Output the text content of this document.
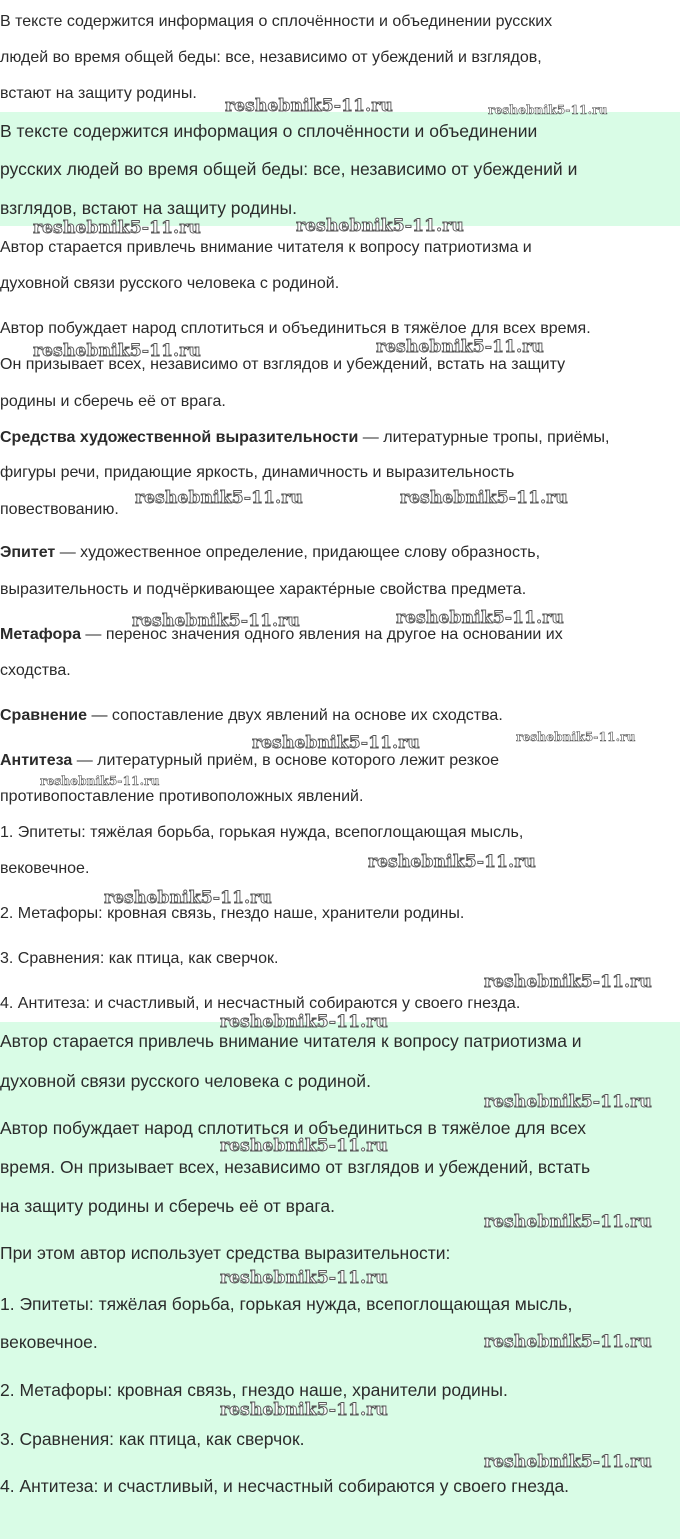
В тексте содержится информация о сплочённости и объединении русских
людей во время общей беды: все, независимо от убеждений и взглядов,
встают на защиту родины.
В тексте содержится информация о сплочённости и объединении
русских людей во время общей беды: все, независимо от убеждений и
взглядов, встают на защиту родины.
Автор старается привлечь внимание читателя к вопросу патриотизма и
духовной связи русского человека с родиной.
Автор побуждает народ сплотиться и объединиться в тяжёлое для всех время.
Он призывает всех, независимо от взглядов и убеждений, встать на защиту
родины и сберечь её от врага.
Средства художественной выразительности — литературные тропы, приёмы,
фигуры речи, придающие яркость, динамичность и выразительность
повествованию.
Эпитет — художественное определение, придающее слову образность,
выразительность и подчёркивающее характе́рные свойства предмета.
Метафора — перенос значения одного явления на другое на основании их
сходства.
Сравнение — сопоставление двух явлений на основе их сходства.
Антитеза — литературный приём, в основе которого лежит резкое
противопоставление противоположных явлений.
1. Эпитеты: тяжёлая борьба, горькая нужда, всепоглощающая мысль,
вековечное.
2. Метафоры: кровная связь, гнездо наше, хранители родины.
3. Сравнения: как птица, как сверчок.
4. Антитеза: и счастливый, и несчастный собираются у своего гнезда.
Автор старается привлечь внимание читателя к вопросу патриотизма и
духовной связи русского человека с родиной.
Автор побуждает народ сплотиться и объединиться в тяжёлое для всех
время. Он призывает всех, независимо от взглядов и убеждений, встать
на защиту родины и сберечь её от врага.
При этом автор использует средства выразительности:
1. Эпитеты: тяжёлая борьба, горькая нужда, всепоглощающая мысль,
вековечное.
2. Метафоры: кровная связь, гнездо наше, хранители родины.
3. Сравнения: как птица, как сверчок.
4. Антитеза: и счастливый, и несчастный собираются у своего гнезда.
reshebnik5-11.ru	reshebnik5-11.ru
reshebnik5-11.ru	reshebnik5-11.ru
reshebnik5-11.ru	reshebnik5-11.ru
reshebnik5-11.ru	reshebnik5-11.ru
reshebnik5-11.ru	reshebnik5-11.ru
reshebnik5-11.ru	reshebnik5-11.ru
reshebnik5-11.ru
reshebnik5-11.ru
reshebnik5-11.ru
reshebnik5-11.ru
reshebnik5-11.ru
reshebnik5-11.ru
reshebnik5-11.ru
reshebnik5-11.ru
reshebnik5-11.ru
reshebnik5-11.ru
reshebnik5-11.ru
reshebnik5-11.ru
